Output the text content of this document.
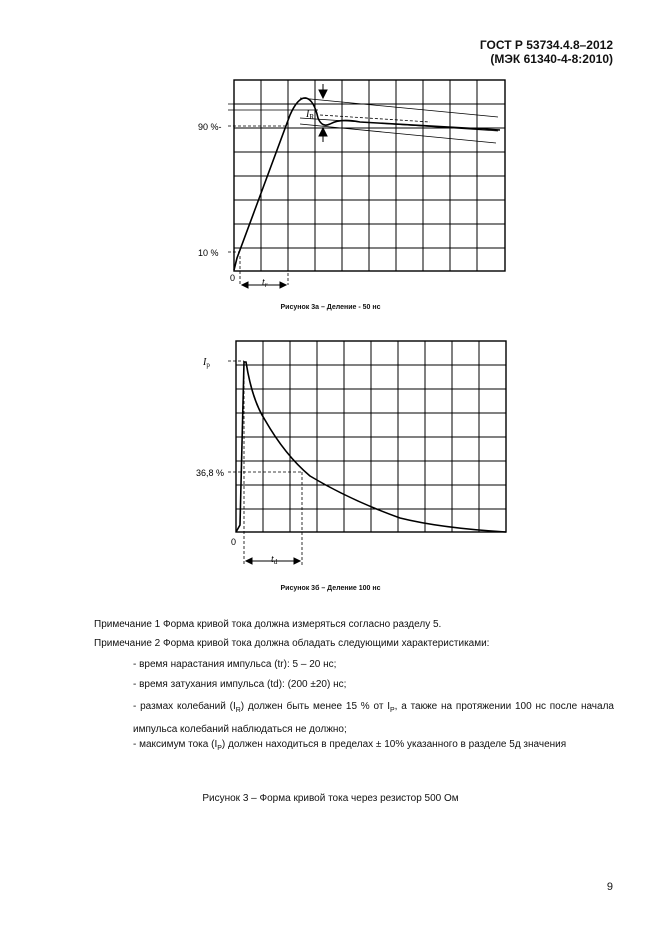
ГОСТ Р 53734.4.8–2012
(МЭК 61340-4-8:2010)
90 %-
10 %
0	$t_r$
$I_R$
Рисунок 3а – Деление - 50 нс
$I_p$
36,8 %
0
$t_d$
Рисунок 3б – Деление 100 нс
Примечание 1 Форма кривой тока должна измеряться согласно разделу 5.
Примечание 2 Форма кривой тока должна обладать следующими характеристиками:
- время нарастания импульса (tr): 5 – 20 нс;
- время затухания импульса (td): (200 ±20) нс;
- размах колебаний $(I_R)$ должен быть менее 15 % от $I_P$, а также на протяжении 100 нс после начала импульса колебаний наблюдаться не должно;
- максимум тока $(I_P)$ должен находиться в пределах ± 10% указанного в разделе 5д значения
Рисунок 3 – Форма кривой тока через резистор 500 Ом
9
